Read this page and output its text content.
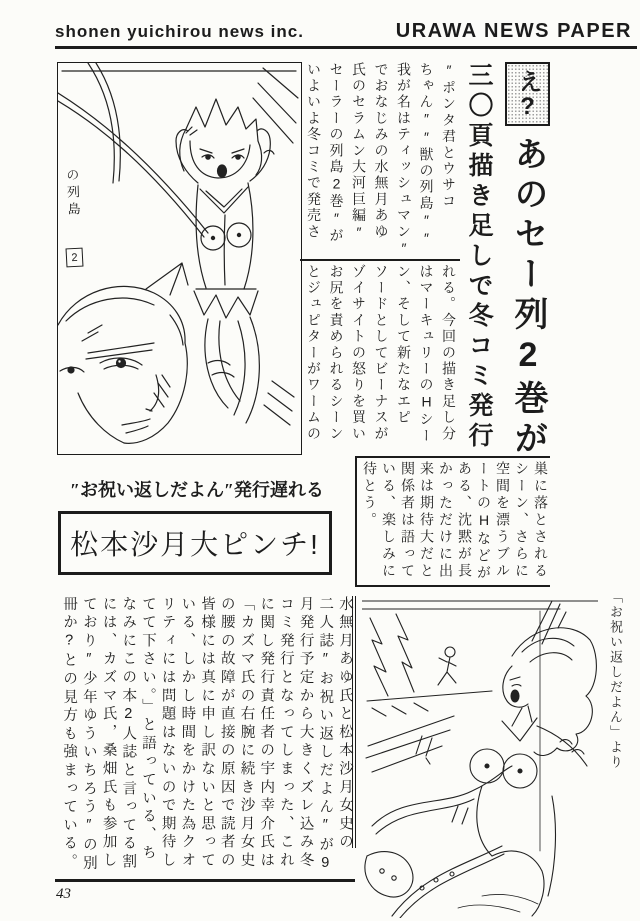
shonen yuichirou news inc.	URAWA NEWS PAPER
の列島
2
え?
あのセー列2巻が
三〇頁描き足しで冬コミ発行
″ポンタ君とウサコ
ちゃん″″獣の列島″″
我が名はティッシュマン″
でおなじみの水無月あゆ
氏のセラムン大河巨編″
セーラーの列島2巻″が
いよいよ冬コミで発売さ
れる。今回の描き足し分
はマーキュリーのHシー
ン、そして新たなエピ
ソードとしてビーナスが
ゾイサイトの怒りを買い
お尻を責められるシーン
とジュピターがワームの
巣に落とされる
シーン、さらに
空間を漂うブル
ートのHなどが
ある、沈黙が長
かっただけに出
来は期待大だと
関係者は語って
いる、楽しみに
待とう。
″お祝い返しだよん″発行遅れる
松本沙月大ピンチ!
水無月あゆ氏と松本沙月女史の
二人誌″お祝い返しだよん″が9
月発行予定から大きくズレ込み冬
コミ発行となってしまった、これ
に関し発行責任者の宇内幸介氏は
「カズマ氏の右腕に続き沙月女史
の腰の故障が直接の原因で読者の
皆様には真に申し訳ないと思って
いる、しかし時間をかけた為クオ
リティには問題はないので期待し
てて下さい。」と語っている、ち
なみにこの本2人誌と言ってる割
には、カズマ氏，桑畑氏も参加し
ており″少年ゆういちろう″の別
冊か?との見方も強まっている。	「お祝い返しだよん」より
43
